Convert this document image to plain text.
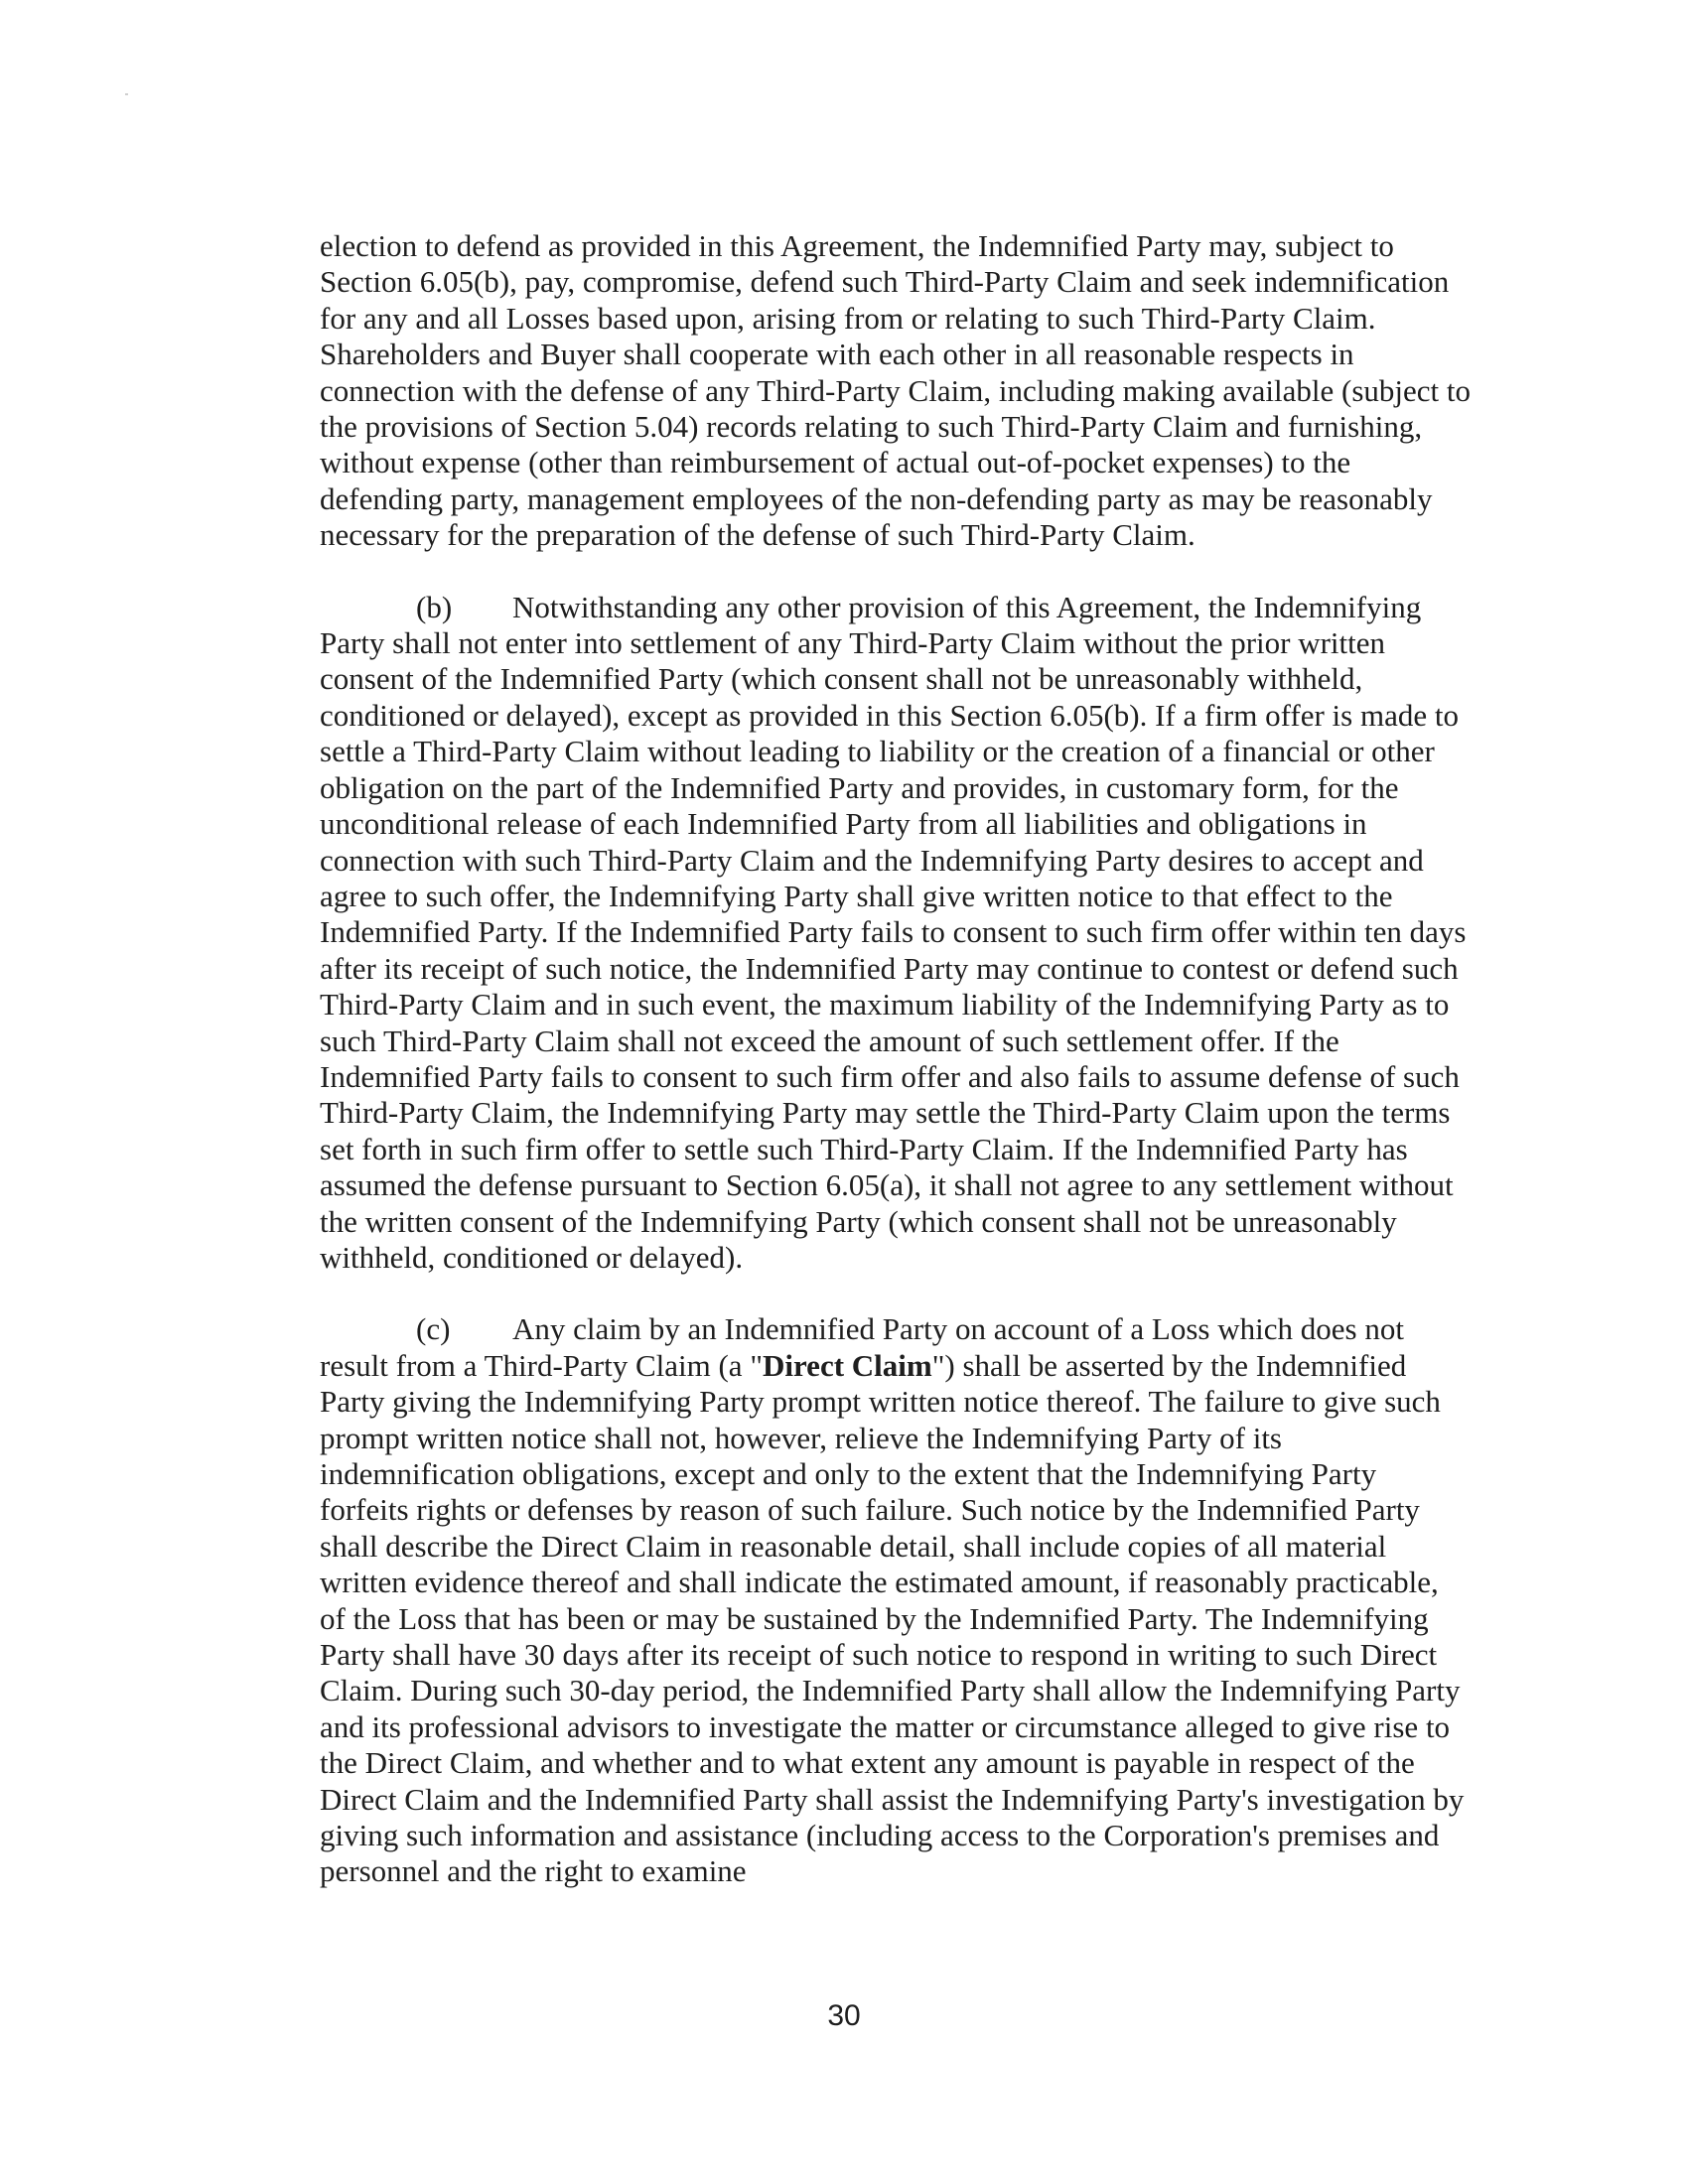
election to defend as provided in this Agreement, the Indemnified Party may, subject to Section 6.05(b), pay, compromise, defend such Third-Party Claim and seek indemnification for any and all Losses based upon, arising from or relating to such Third-Party Claim. Shareholders and Buyer shall cooperate with each other in all reasonable respects in connection with the defense of any Third-Party Claim, including making available (subject to the provisions of Section 5.04) records relating to such Third-Party Claim and furnishing, without expense (other than reimbursement of actual out-of-pocket expenses) to the defending party, management employees of the non-defending party as may be reasonably necessary for the preparation of the defense of such Third-Party Claim.

(b) Notwithstanding any other provision of this Agreement, the Indemnifying Party shall not enter into settlement of any Third-Party Claim without the prior written consent of the Indemnified Party (which consent shall not be unreasonably withheld, conditioned or delayed), except as provided in this Section 6.05(b). If a firm offer is made to settle a Third-Party Claim without leading to liability or the creation of a financial or other obligation on the part of the Indemnified Party and provides, in customary form, for the unconditional release of each Indemnified Party from all liabilities and obligations in connection with such Third-Party Claim and the Indemnifying Party desires to accept and agree to such offer, the Indemnifying Party shall give written notice to that effect to the Indemnified Party. If the Indemnified Party fails to consent to such firm offer within ten days after its receipt of such notice, the Indemnified Party may continue to contest or defend such Third-Party Claim and in such event, the maximum liability of the Indemnifying Party as to such Third-Party Claim shall not exceed the amount of such settlement offer. If the Indemnified Party fails to consent to such firm offer and also fails to assume defense of such Third-Party Claim, the Indemnifying Party may settle the Third-Party Claim upon the terms set forth in such firm offer to settle such Third-Party Claim. If the Indemnified Party has assumed the defense pursuant to Section 6.05(a), it shall not agree to any settlement without the written consent of the Indemnifying Party (which consent shall not be unreasonably withheld, conditioned or delayed).

(c) Any claim by an Indemnified Party on account of a Loss which does not result from a Third-Party Claim (a "Direct Claim") shall be asserted by the Indemnified Party giving the Indemnifying Party prompt written notice thereof. The failure to give such prompt written notice shall not, however, relieve the Indemnifying Party of its indemnification obligations, except and only to the extent that the Indemnifying Party forfeits rights or defenses by reason of such failure. Such notice by the Indemnified Party shall describe the Direct Claim in reasonable detail, shall include copies of all material written evidence thereof and shall indicate the estimated amount, if reasonably practicable, of the Loss that has been or may be sustained by the Indemnified Party. The Indemnifying Party shall have 30 days after its receipt of such notice to respond in writing to such Direct Claim. During such 30-day period, the Indemnified Party shall allow the Indemnifying Party and its professional advisors to investigate the matter or circumstance alleged to give rise to the Direct Claim, and whether and to what extent any amount is payable in respect of the Direct Claim and the Indemnified Party shall assist the Indemnifying Party's investigation by giving such information and assistance (including access to the Corporation's premises and personnel and the right to examine

30
